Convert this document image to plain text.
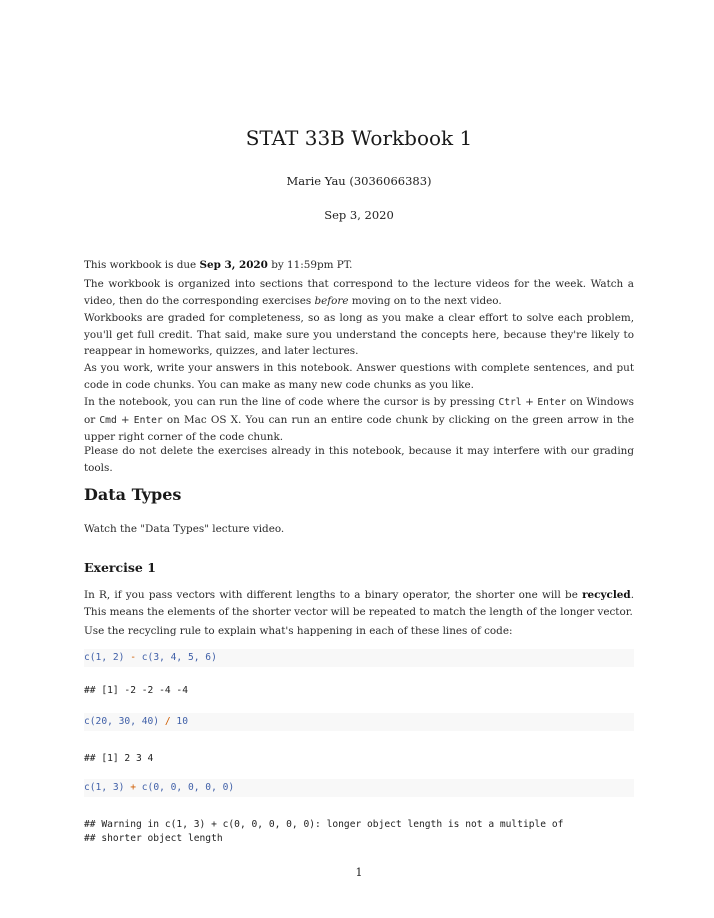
STAT 33B Workbook 1
Marie Yau (3036066383)
Sep 3, 2020
This workbook is due Sep 3, 2020 by 11:59pm PT.
The workbook is organized into sections that correspond to the lecture videos for the week. Watch a video, then do the corresponding exercises before moving on to the next video.
Workbooks are graded for completeness, so as long as you make a clear effort to solve each problem, you'll get full credit. That said, make sure you understand the concepts here, because they're likely to reappear in homeworks, quizzes, and later lectures.
As you work, write your answers in this notebook. Answer questions with complete sentences, and put code in code chunks. You can make as many new code chunks as you like.
In the notebook, you can run the line of code where the cursor is by pressing Ctrl + Enter on Windows or Cmd + Enter on Mac OS X. You can run an entire code chunk by clicking on the green arrow in the upper right corner of the code chunk.
Please do not delete the exercises already in this notebook, because it may interfere with our grading tools.
Data Types
Watch the "Data Types" lecture video.
Exercise 1
In R, if you pass vectors with different lengths to a binary operator, the shorter one will be recycled. This means the elements of the shorter vector will be repeated to match the length of the longer vector.
Use the recycling rule to explain what's happening in each of these lines of code:
c(1, 2) - c(3, 4, 5, 6)
## [1] -2 -2 -4 -4
c(20, 30, 40) / 10
## [1] 2 3 4
c(1, 3) + c(0, 0, 0, 0, 0)
## Warning in c(1, 3) + c(0, 0, 0, 0, 0): longer object length is not a multiple of
## shorter object length
1
